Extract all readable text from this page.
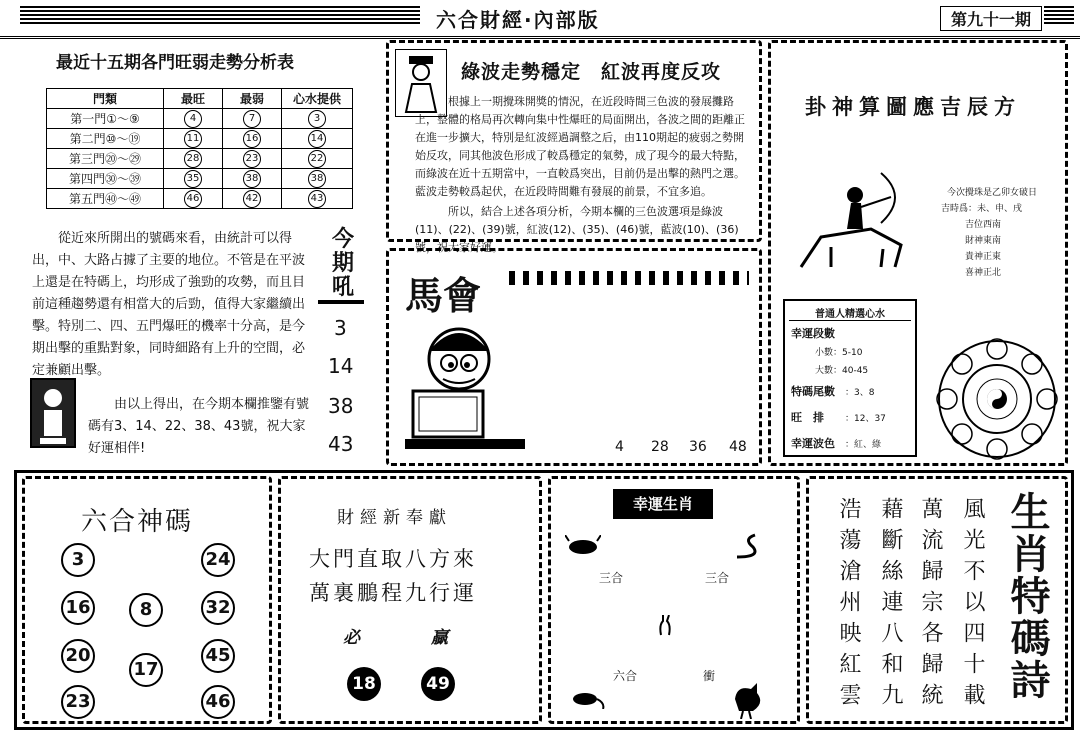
六合財經·內部版	第九十一期
最近十五期各門旺弱走勢分析表
門類	最旺	最弱	心水提供
第一門①～⑨	4	7	3
第二門⑩～⑲	11	16	14
第三門⑳～㉙	28	23	22
第四門㉚～㊴	35	38	38
第五門㊵～㊾	46	42	43
從近來所開出的號碼來看，由統計可以得出，中、大路占據了主要的地位。不管是在平波上還是在特碼上，均形成了強勁的攻勢，而且目前這種趨勢還有相當大的后勁，值得大家繼續出擊。特別二、四、五門爆旺的機率十分高，是今 期出擊的重點對象，同時細路有上升的空間，必定兼顧出擊。
由以上得出，在今期本欄推鑒有號碼有3、14、22、38、43號，祝大家好運相伴!
今期吼
3
14
38
43
綠波走勢穩定　紅波再度反攻
根據上一期攪珠開獎的情況，在近段時間三色波的發展攤路上，整體的格局再次轉向集中性爆旺的局面開出，各波之間的距離正在進一步擴大，特別是紅波經過調整之后，由110期起的疲弱之勢開始反攻，同其他波色形成了較爲穩定的氣勢，成了現今的最大特點，而綠波在近十五期當中，一直較爲突出，目前仍是出擊的熱門之選。藍波走勢較爲起伏，在近段時間難有發展的前景，不宜多追。
所以，結合上述各項分析，今期本欄的三色波選項是綠波(11)、(22)、(39)號，紅波(12)、(35)、(46)號，藍波(10)、(36)號，祝大家好運。
馬會
4 28 36 48
卦神算圖應吉辰方
今次攪珠是乙卯女破日
吉時爲：未、申、戌
吉位西南
財神東南
貴神正東
喜神正北
普通人精選心水
幸運段數
小數：5-10
大數：40-45
特碼尾數 ：3、8
旺　排 ：12、37
幸運波色 ：紅、綠
六合神碼
3	24
16	8	32
20
17
45
23	46
財經新奉獻
大門直取八方來
萬裏鵬程九行運
必	贏
18	49
幸運生肖
三合	三合
六合	衝	風光不以四十載
萬流歸宗各歸統
藉斷絲連八和九
浩蕩滄州映紅雲	生肖特碼詩
